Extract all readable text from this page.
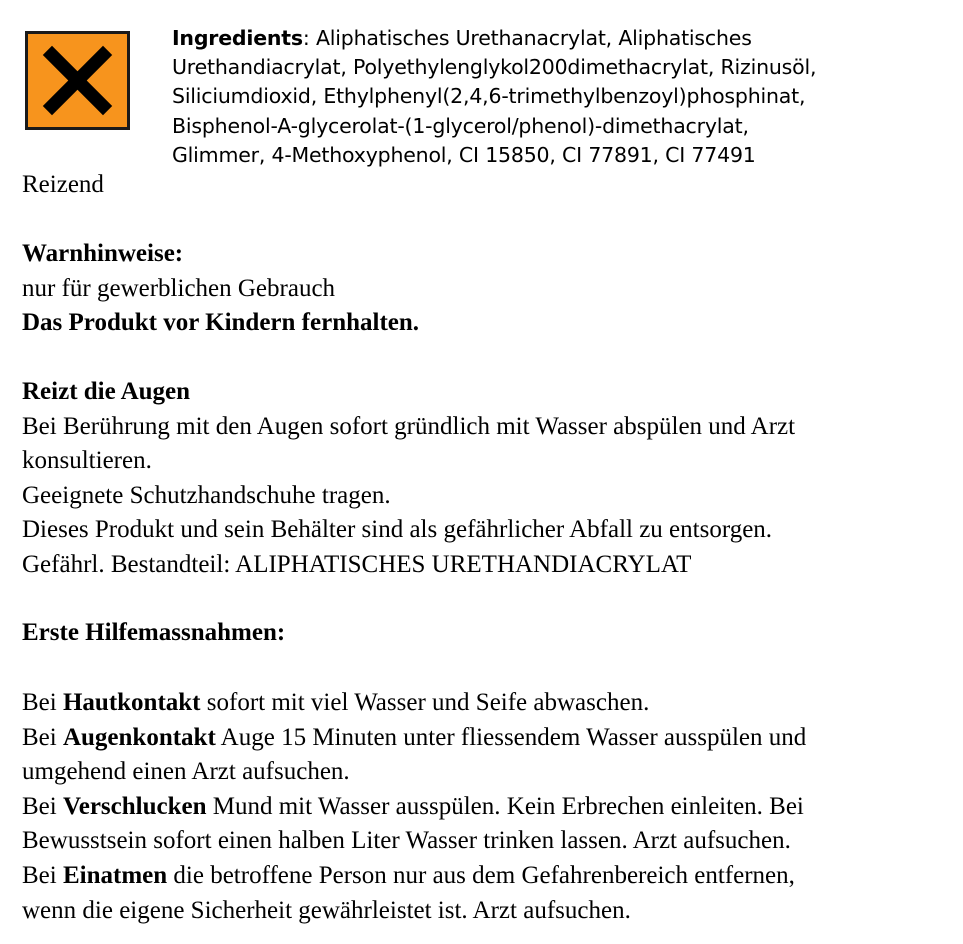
Ingredients: Aliphatisches Urethanacrylat, Aliphatisches
Urethandiacrylat, Polyethylenglykol200dimethacrylat, Rizinusöl,
Siliciumdioxid, Ethylphenyl(2,4,6-trimethylbenzoyl)phosphinat,
Bisphenol-A-glycerolat-(1-glycerol/phenol)-dimethacrylat,
Glimmer, 4-Methoxyphenol, CI 15850, CI 77891, CI 77491
Reizend
Warnhinweise:
nur für gewerblichen Gebrauch
Das Produkt vor Kindern fernhalten.
Reizt die Augen
Bei Berührung mit den Augen sofort gründlich mit Wasser abspülen und Arzt
konsultieren.
Geeignete Schutzhandschuhe tragen.
Dieses Produkt und sein Behälter sind als gefährlicher Abfall zu entsorgen.
Gefährl. Bestandteil: ALIPHATISCHES URETHANDIACRYLAT
Erste Hilfemassnahmen:
Bei Hautkontakt sofort mit viel Wasser und Seife abwaschen.
Bei Augenkontakt Auge 15 Minuten unter fliessendem Wasser ausspülen und
umgehend einen Arzt aufsuchen.
Bei Verschlucken Mund mit Wasser ausspülen. Kein Erbrechen einleiten. Bei
Bewusstsein sofort einen halben Liter Wasser trinken lassen. Arzt aufsuchen.
Bei Einatmen die betroffene Person nur aus dem Gefahrenbereich entfernen,
wenn die eigene Sicherheit gewährleistet ist. Arzt aufsuchen.
